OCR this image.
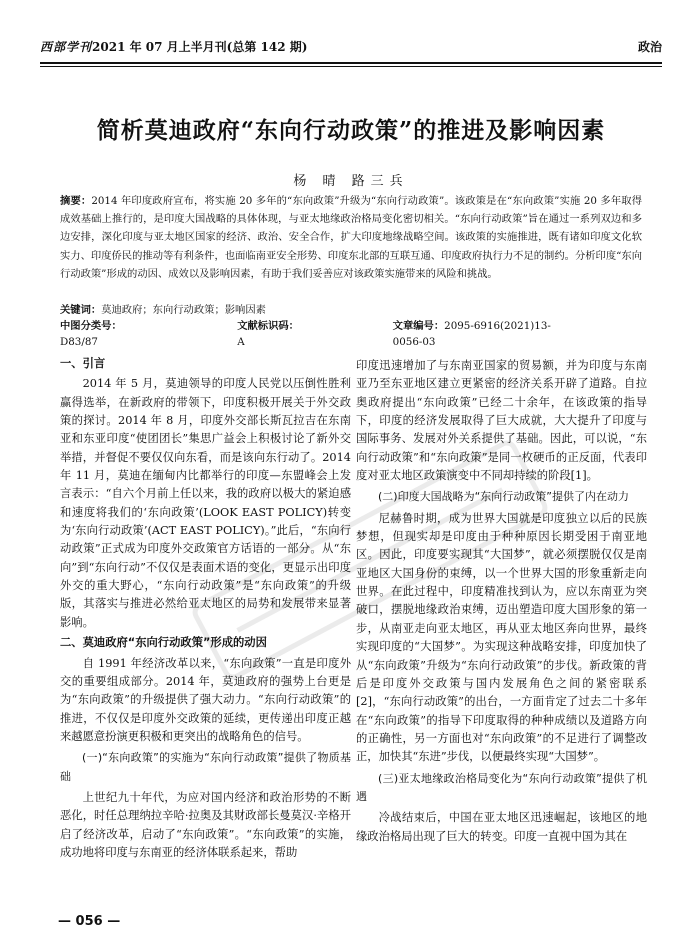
西部学刊2021 年 07 月上半月刊(总第 142 期)	政治
简析莫迪政府“东向行动政策”的推进及影响因素
杨 晴 路三兵
摘要：2014 年印度政府宣布，将实施 20 多年的“东向政策”升级为“东向行动政策”。该政策是在“东向政策”实施 20 多年取得成效基础上推行的，是印度大国战略的具体体现，与亚太地缘政治格局变化密切相关。“东向行动政策”旨在通过一系列双边和多边安排，深化印度与亚太地区国家的经济、政治、安全合作，扩大印度地缘战略空间。该政策的实施推进，既有诸如印度文化软实力、印度侨民的推动等有利条件，也面临南亚安全形势、印度东北部的互联互通、印度政府执行力不足的制约。分析印度“东向行动政策”形成的动因、成效以及影响因素，有助于我们妥善应对该政策实施带来的风险和挑战。
关键词：莫迪政府；东向行动政策；影响因素
中图分类号：D83/87
文献标识码：A
文章编号：2095-6916(2021)13-0056-03
一、引言

2014 年 5 月，莫迪领导的印度人民党以压倒性胜利赢得选举，在新政府的带领下，印度积极开展关于外交政策的探讨。2014 年 8 月，印度外交部长斯瓦拉吉在东南亚和东亚印度“使团团长”集思广益会上积极讨论了新外交举措，并督促不要仅仅向东看，而是该向东行动了。2014 年 11 月，莫迪在缅甸内比都举行的印度—东盟峰会上发言表示：“自六个月前上任以来，我的政府以极大的紧迫感和速度将我们的‘东向政策’(LOOK EAST POLICY)转变为‘东向行动政策’(ACT EAST POLICY)。”此后，“东向行动政策”正式成为印度外交政策官方话语的一部分。从“东向”到“东向行动”不仅仅是表面术语的变化，更显示出印度外交的重大野心，“东向行动政策”是“东向政策”的升级版，其落实与推进必然给亚太地区的局势和发展带来显著影响。

二、莫迪政府“东向行动政策”形成的动因

自 1991 年经济改革以来，“东向政策”一直是印度外交的重要组成部分。2014 年，莫迪政府的强势上台更是为“东向政策”的升级提供了强大动力。“东向行动政策”的推进，不仅仅是印度外交政策的延续，更传递出印度正越来越愿意扮演更积极和更突出的战略角色的信号。

(一)“东向政策”的实施为“东向行动政策”提供了物质基础

上世纪九十年代，为应对国内经济和政治形势的不断恶化，时任总理纳拉辛哈·拉奥及其财政部长曼莫汉·辛格开启了经济改革，启动了“东向政策”。“东向政策”的实施，成功地将印度与东南亚的经济体联系起来，帮助

印度迅速增加了与东南亚国家的贸易额，并为印度与东南亚乃至东亚地区建立更紧密的经济关系开辟了道路。自拉奥政府提出“东向政策”已经二十余年，在该政策的指导下，印度的经济发展取得了巨大成就，大大提升了印度与国际事务、发展对外关系提供了基础。因此，可以说，“东向行动政策”和“东向政策”是同一枚硬币的正反面，代表印度对亚太地区政策演变中不同却持续的阶段[1]。

(二)印度大国战略为“东向行动政策”提供了内在动力

尼赫鲁时期，成为世界大国就是印度独立以后的民族梦想，但现实却是印度由于种种原因长期受困于南亚地区。因此，印度要实现其“大国梦”，就必须摆脱仅仅是南亚地区大国身份的束缚，以一个世界大国的形象重新走向世界。在此过程中，印度精准找到认为，应以东南亚为突破口，摆脱地缘政治束缚，迈出塑造印度大国形象的第一步，从南亚走向亚太地区，再从亚太地区奔向世界，最终实现印度的“大国梦”。为实现这种战略安排，印度加快了从“东向政策”升级为“东向行动政策”的步伐。新政策的背后是印度外交政策与国内发展角色之间的紧密联系[2]，“东向行动政策”的出台，一方面肯定了过去二十多年在“东向政策”的指导下印度取得的种种成绩以及道路方向的正确性，另一方面也对“东向政策”的不足进行了调整改正，加快其“东进”步伐，以便最终实现“大国梦”。

(三)亚太地缘政治格局变化为“东向行动政策”提供了机遇

冷战结束后，中国在亚太地区迅速崛起，该地区的地缘政治格局出现了巨大的转变。印度一直视中国为其在

— 056 —
